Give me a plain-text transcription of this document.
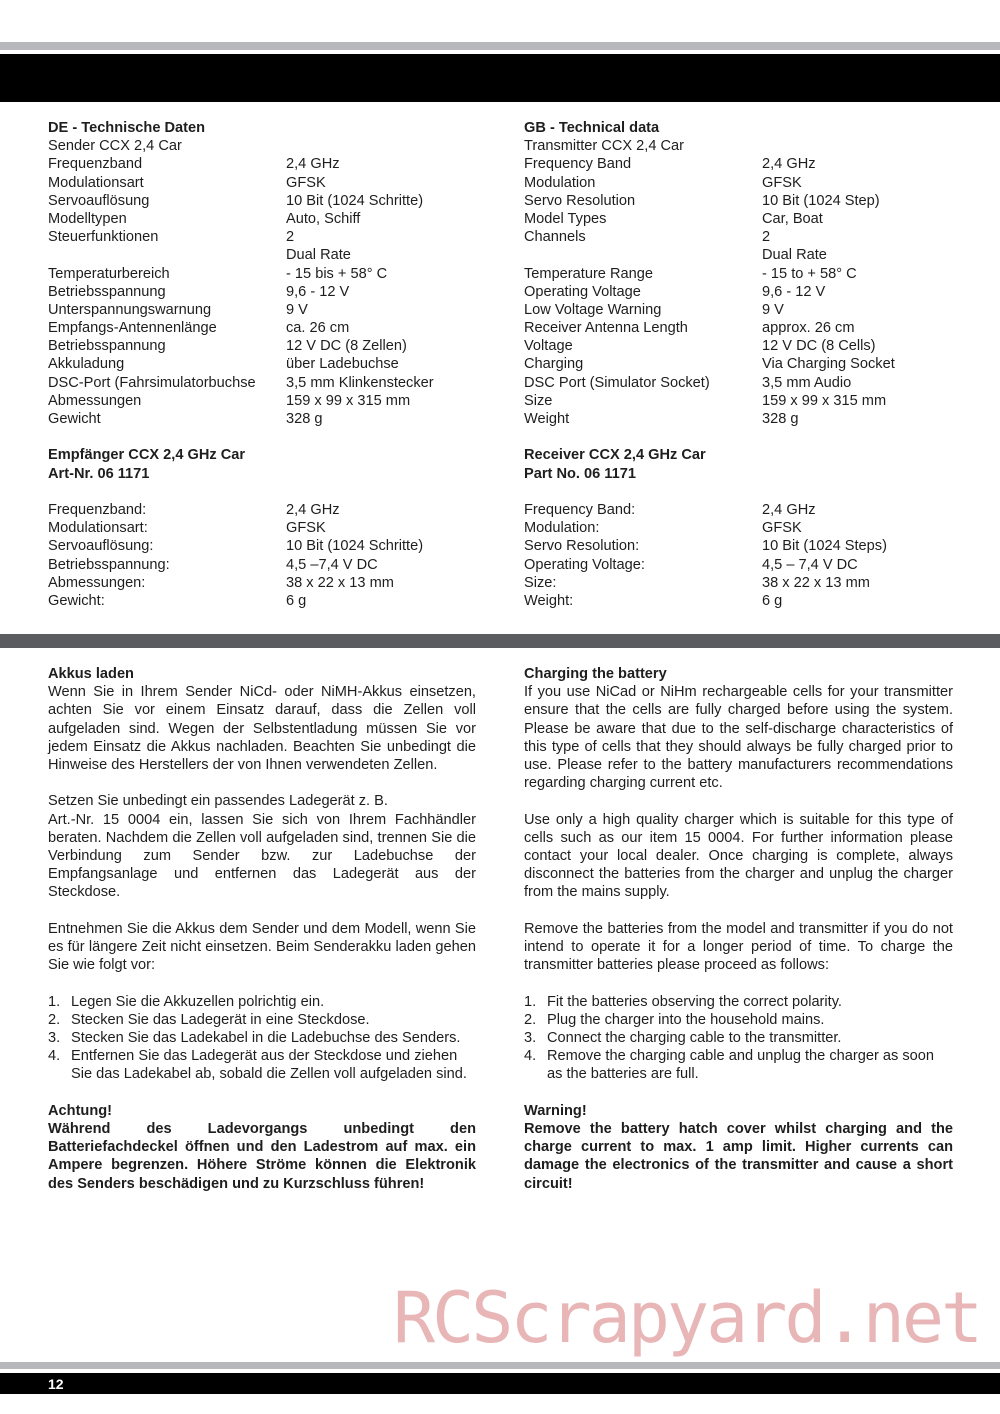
DE - Technische Daten
Sender CCX 2,4 Car
Frequenzband	2,4 GHz
Modulationsart	GFSK
Servoauflösung	10 Bit (1024 Schritte)
Modelltypen	Auto, Schiff
Steuerfunktionen	2
Dual Rate
Temperaturbereich	- 15 bis + 58° C
Betriebsspannung	9,6 - 12 V
Unterspannungswarnung	9 V
Empfangs-Antennenlänge	ca. 26 cm
Betriebsspannung	12 V DC (8 Zellen)
Akkuladung	über Ladebuchse
DSC-Port (Fahrsimulatorbuchse	3,5 mm Klinkenstecker
Abmessungen	159 x 99 x 315 mm
Gewicht	328 g
Empfänger CCX 2,4 GHz Car
Art-Nr. 06 1171
Frequenzband:	2,4 GHz
Modulationsart:	GFSK
Servoauflösung:	10 Bit (1024 Schritte)
Betriebsspannung:	4,5 –7,4 V DC
Abmessungen:	38 x 22 x 13 mm
Gewicht:	6 g
GB - Technical data
Transmitter CCX 2,4 Car
Frequency Band	2,4 GHz
Modulation	GFSK
Servo Resolution	10 Bit (1024 Step)
Model Types	Car, Boat
Channels	2
Dual Rate
Temperature Range	- 15 to + 58° C
Operating Voltage	9,6 - 12 V
Low Voltage Warning	9 V
Receiver Antenna Length	approx. 26 cm
Voltage	12 V DC (8 Cells)
Charging	Via Charging Socket
DSC Port (Simulator Socket)	3,5 mm Audio
Size	159 x 99 x 315 mm
Weight	328 g
Receiver CCX 2,4 GHz Car
Part No. 06 1171
Frequency Band:	2,4 GHz
Modulation:	GFSK
Servo Resolution:	10 Bit (1024 Steps)
Operating Voltage:	4,5 – 7,4 V DC
Size:	38 x 22 x 13 mm
Weight:	6 g
Akkus laden
Wenn Sie in Ihrem Sender NiCd- oder NiMH-Akkus einsetzen, achten Sie vor einem Einsatz darauf, dass die Zellen voll aufgeladen sind. Wegen der Selbstentladung müssen Sie vor jedem Einsatz die Akkus nachladen. Beachten Sie unbedingt die Hinweise des Herstellers der von Ihnen verwendeten Zellen.
Setzen Sie unbedingt ein passendes Ladegerät z. B.
Art.-Nr. 15 0004 ein, lassen Sie sich von Ihrem Fachhändler beraten. Nachdem die Zellen voll aufgeladen sind, trennen Sie die Verbindung zum Sender bzw. zur Ladebuchse der Empfangsanlage und entfernen das Ladegerät aus der Steckdose.
Entnehmen Sie die Akkus dem Sender und dem Modell, wenn Sie es für längere Zeit nicht einsetzen. Beim Senderakku laden gehen Sie wie folgt vor:
1. Legen Sie die Akkuzellen polrichtig ein.
2. Stecken Sie das Ladegerät in eine Steckdose.
3. Stecken Sie das Ladekabel in die Ladebuchse des Senders.
4. Entfernen Sie das Ladegerät aus der Steckdose und ziehen Sie das Ladekabel ab, sobald die Zellen voll aufgeladen sind.
Achtung!
Während des Ladevorgangs unbedingt den Batteriefachdeckel öffnen und den Ladestrom auf max. ein Ampere begrenzen. Höhere Ströme können die Elektronik des Senders beschädigen und zu Kurzschluss führen!
Charging the battery
If you use NiCad or NiHm rechargeable cells for your transmitter ensure that the cells are fully charged before using the system. Please be aware that due to the self-discharge characteristics of this type of cells that they should always be fully charged prior to use. Please refer to the battery manufacturers recommendations regarding charging current etc.
Use only a high quality charger which is suitable for this type of cells such as our item 15 0004. For further information please contact your local dealer. Once charging is complete, always disconnect the batteries from the charger and unplug the charger from the mains supply.
Remove the batteries from the model and transmitter if you do not intend to operate it for a longer period of time. To charge the transmitter batteries please proceed as follows:
1. Fit the batteries observing the correct polarity.
2. Plug the charger into the household mains.
3. Connect the charging cable to the transmitter.
4. Remove the charging cable and unplug the charger as soon as the batteries are full.
Warning!
Remove the battery hatch cover whilst charging and the charge current to max. 1 amp limit. Higher currents can damage the electronics of the transmitter and cause a short circuit!
RCScrapyard.net
12
